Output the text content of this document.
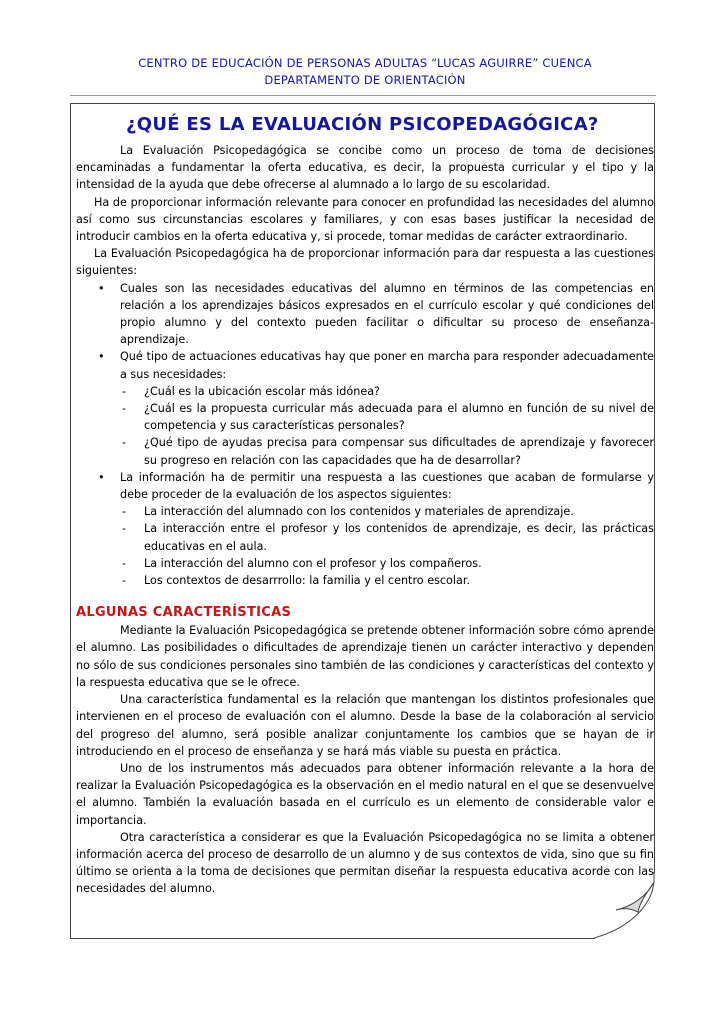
CENTRO DE EDUCACIÓN DE PERSONAS ADULTAS “LUCAS AGUIRRE” CUENCA
DEPARTAMENTO DE ORIENTACIÓN
¿QUÉ ES LA EVALUACIÓN PSICOPEDAGÓGICA?

La Evaluación Psicopedagógica se concibe como un proceso de toma de decisiones encaminadas a fundamentar la oferta educativa, es decir, la propuesta curricular y el tipo y la intensidad de la ayuda que debe ofrecerse al alumnado a lo largo de su escolaridad.

Ha de proporcionar información relevante para conocer en profundidad las necesidades del alumno así como sus circunstancias escolares y familiares, y con esas bases justificar la necesidad de introducir cambios en la oferta educativa y, si procede, tomar medidas de carácter extraordinario.

La Evaluación Psicopedagógica ha de proporcionar información para dar respuesta a las cuestiones siguientes:

• Cuales son las necesidades educativas del alumno en términos de las competencias en relación a los aprendizajes básicos expresados en el currículo escolar y qué condiciones del propio alumno y del contexto pueden facilitar o dificultar su proceso de enseñanza-aprendizaje.
• Qué tipo de actuaciones educativas hay que poner en marcha para responder adecuadamente a sus necesidades:
- ¿Cuál es la ubicación escolar más idónea?
- ¿Cuál es la propuesta curricular más adecuada para el alumno en función de su nivel de competencia y sus características personales?
- ¿Qué tipo de ayudas precisa para compensar sus dificultades de aprendizaje y favorecer su progreso en relación con las capacidades que ha de desarrollar?
• La información ha de permitir una respuesta a las cuestiones que acaban de formularse y debe proceder de la evaluación de los aspectos siguientes:
- La interacción del alumnado con los contenidos y materiales de aprendizaje.
- La interacción entre el profesor y los contenidos de aprendizaje, es decir, las prácticas educativas en el aula.
- La interacción del alumno con el profesor y los compañeros.
- Los contextos de desarrrollo: la familia y el centro escolar.
ALGUNAS CARACTERÍSTICAS

Mediante la Evaluación Psicopedagógica se pretende obtener información sobre cómo aprende el alumno. Las posibilidades o dificultades de aprendizaje tienen un carácter interactivo y dependen no sólo de sus condiciones personales sino también de las condiciones y características del contexto y la respuesta educativa que se le ofrece.

Una característica fundamental es la relación que mantengan los distintos profesionales que intervienen en el proceso de evaluación con el alumno. Desde la base de la colaboración al servicio del progreso del alumno, será posible analizar conjuntamente los cambios que se hayan de ir introduciendo en el proceso de enseñanza y se hará más viable su puesta en práctica.

Uno de los instrumentos más adecuados para obtener información relevante a la hora de realizar la Evaluación Psicopedagógica es la observación en el medio natural en el que se desenvuelve el alumno. También la evaluación basada en el currículo es un elemento de considerable valor e importancia.

Otra característica a considerar es que la Evaluación Psicopedagógica no se limita a obtener información acerca del proceso de desarrollo de un alumno y de sus contextos de vida, sino que su fin último se orienta a la toma de decisiones que permitan diseñar la respuesta educativa acorde con las necesidades del alumno.
